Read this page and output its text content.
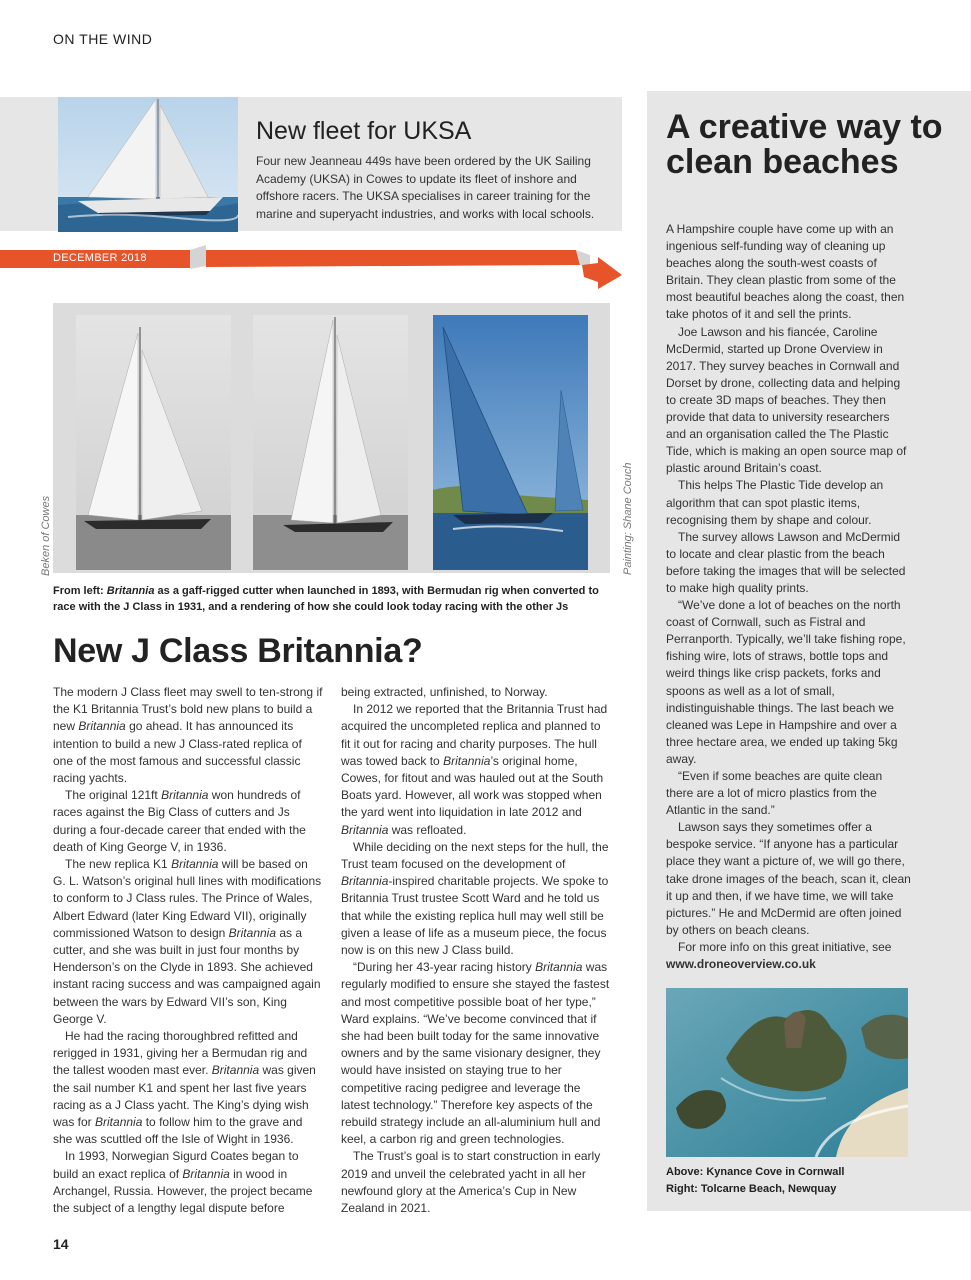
ON THE WIND
New fleet for UKSA
Four new Jeanneau 449s have been ordered by the UK Sailing Academy (UKSA) in Cowes to update its fleet of inshore and offshore racers. The UKSA specialises in career training for the marine and superyacht industries, and works with local schools.
DECEMBER 2018
Beken of Cowes	Painting: Shane Couch
From left: Britannia as a gaff-rigged cutter when launched in 1893, with Bermudan rig when converted to race with the J Class in 1931, and a rendering of how she could look today racing with the other Js
New J Class Britannia?

The modern J Class fleet may swell to ten-strong if the K1 Britannia Trust’s bold new plans to build a new Britannia go ahead. It has announced its intention to build a new J Class-rated replica of one of the most famous and successful classic racing yachts.

The original 121ft Britannia won hundreds of races against the Big Class of cutters and Js during a four-decade career that ended with the death of King George V, in 1936.

The new replica K1 Britannia will be based on G. L. Watson’s original hull lines with modifications to conform to J Class rules. The Prince of Wales, Albert Edward (later King Edward VII), originally commissioned Watson to design Britannia as a cutter, and she was built in just four months by Henderson’s on the Clyde in 1893. She achieved instant racing success and was campaigned again between the wars by Edward VII’s son, King George V.

He had the racing thoroughbred refitted and rerigged in 1931, giving her a Bermudan rig and the tallest wooden mast ever. Britannia was given the sail number K1 and spent her last five years racing as a J Class yacht. The King’s dying wish was for Britannia to follow him to the grave and she was scuttled off the Isle of Wight in 1936.

In 1993, Norwegian Sigurd Coates began to build an exact replica of Britannia in wood in Archangel, Russia. However, the project became the subject of a lengthy legal dispute before

being extracted, unfinished, to Norway.

In 2012 we reported that the Britannia Trust had acquired the uncompleted replica and planned to fit it out for racing and charity purposes. The hull was towed back to Britannia’s original home, Cowes, for fitout and was hauled out at the South Boats yard. However, all work was stopped when the yard went into liquidation in late 2012 and Britannia was refloated.

While deciding on the next steps for the hull, the Trust team focused on the development of Britannia-inspired charitable projects. We spoke to Britannia Trust trustee Scott Ward and he told us that while the existing replica hull may well still be given a lease of life as a museum piece, the focus now is on this new J Class build.

“During her 43-year racing history Britannia was regularly modified to ensure she stayed the fastest and most competitive possible boat of her type,” Ward explains. “We’ve become convinced that if she had been built today for the same innovative owners and by the same visionary designer, they would have insisted on staying true to her competitive racing pedigree and leverage the latest technology.” Therefore key aspects of the rebuild strategy include an all-aluminium hull and keel, a carbon rig and green technologies.

The Trust’s goal is to start construction in early 2019 and unveil the celebrated yacht in all her newfound glory at the America’s Cup in New Zealand in 2021.

14
A creative way to clean beaches

A Hampshire couple have come up with an ingenious self-funding way of cleaning up beaches along the south-west coasts of Britain. They clean plastic from some of the most beautiful beaches along the coast, then take photos of it and sell the prints.

Joe Lawson and his fiancée, Caroline McDermid, started up Drone Overview in 2017. They survey beaches in Cornwall and Dorset by drone, collecting data and helping to create 3D maps of beaches. They then provide that data to university researchers and an organisation called the The Plastic Tide, which is making an open source map of plastic around Britain’s coast.

This helps The Plastic Tide develop an algorithm that can spot plastic items, recognising them by shape and colour.

The survey allows Lawson and McDermid to locate and clear plastic from the beach before taking the images that will be selected to make high quality prints.

“We’ve done a lot of beaches on the north coast of Cornwall, such as Fistral and Perranporth. Typically, we’ll take fishing rope, fishing wire, lots of straws, bottle tops and weird things like crisp packets, forks and spoons as well as a lot of small, indistinguishable things. The last beach we cleaned was Lepe in Hampshire and over a three hectare area, we ended up taking 5kg away.

“Even if some beaches are quite clean there are a lot of micro plastics from the Atlantic in the sand.”

Lawson says they sometimes offer a bespoke service. “If anyone has a particular place they want a picture of, we will go there, take drone images of the beach, scan it, clean it up and then, if we have time, we will take pictures.” He and McDermid are often joined by others on beach cleans.

For more info on this great initiative, see
www.droneoverview.co.uk

Above: Kynance Cove in Cornwall
Right: Tolcarne Beach, Newquay
